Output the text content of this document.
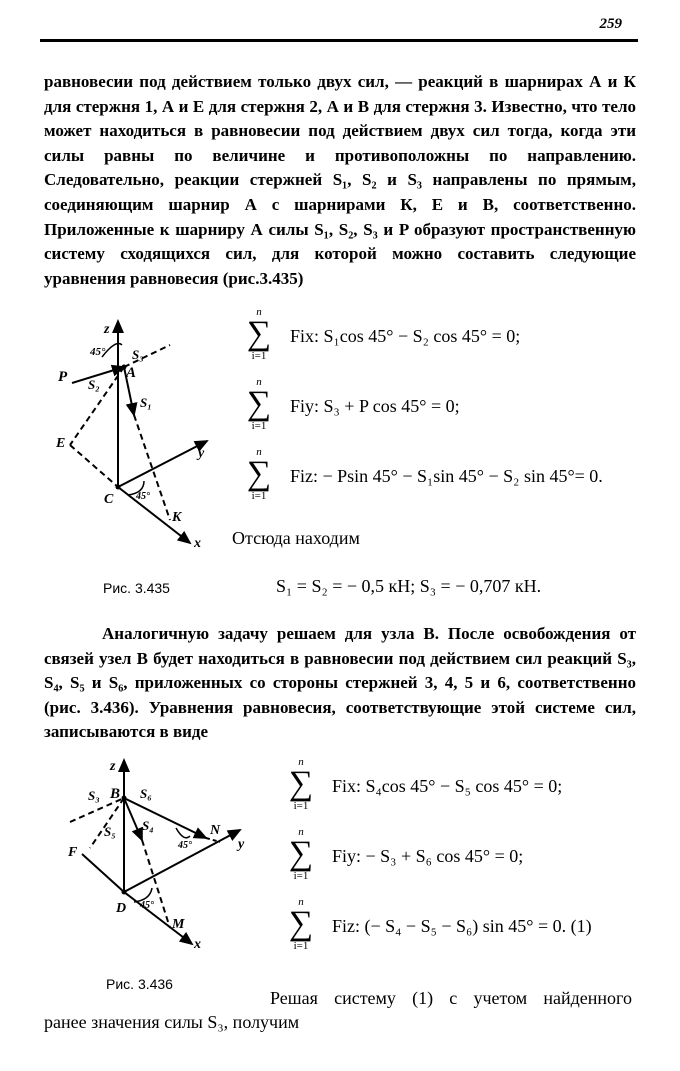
259

равновесии под действием только двух сил, — реакций в шарнирах А и К для стержня 1, А и Е для стержня 2, А и В для стержня 3. Известно, что тело может находиться в равновесии под действием двух сил тогда, когда эти силы равны по величине и противоположны по направлению. Следовательно, реакции стержней S₁, S₂ и S₃ направлены по прямым, соединяющим шарнир А с шарнирами К, Е и В, соответственно. Приложенные к шарниру А силы S₁, S₂, S₃ и P образуют пространственную систему сходящихся сил, для которой можно составить следующие уравнения равновесия (рис.3.435)

z
y
x
P
S₃
S₂
S₁
E
A
C
K
45°
45°
n
∑
i=1
Fix: S₁cos 45° − S₂ cos 45° = 0;
n
∑
i=1
Fiy: S₃ + P cos 45° = 0;
n
∑
i=1
Fiz: − Psin 45° − S₁sin 45° − S₂ sin 45°= 0.
Отсюда находим
Рис. 3.435	S₁ = S₂ = − 0,5 кН; S₃ = − 0,707 кН.

Аналогичную задачу решаем для узла В. После освобождения от связей узел В будет находиться в равновесии под действием сил реакций S₃, S₄, S₅ и S₆, приложенных со стороны стержней 3, 4, 5 и 6, соответственно (рис. 3.436). Уравнения равновесия, соответствующие этой системе сил, записываются в виде

z
y
x
B
D
F
N
M
S₃	S₆
S₅ S₄
45°
45°
n
∑
i=1
Fix: S₄cos 45° − S₅ cos 45° = 0;
n
∑
i=1
Fiy: − S₃ + S₆ cos 45° = 0;
n
∑
i=1
Fiz: (− S₄ − S₅ − S₆) sin 45° = 0. (1)
Рис. 3.436
Решая систему (1) с учетом найденного
ранее значения силы S₃, получим
